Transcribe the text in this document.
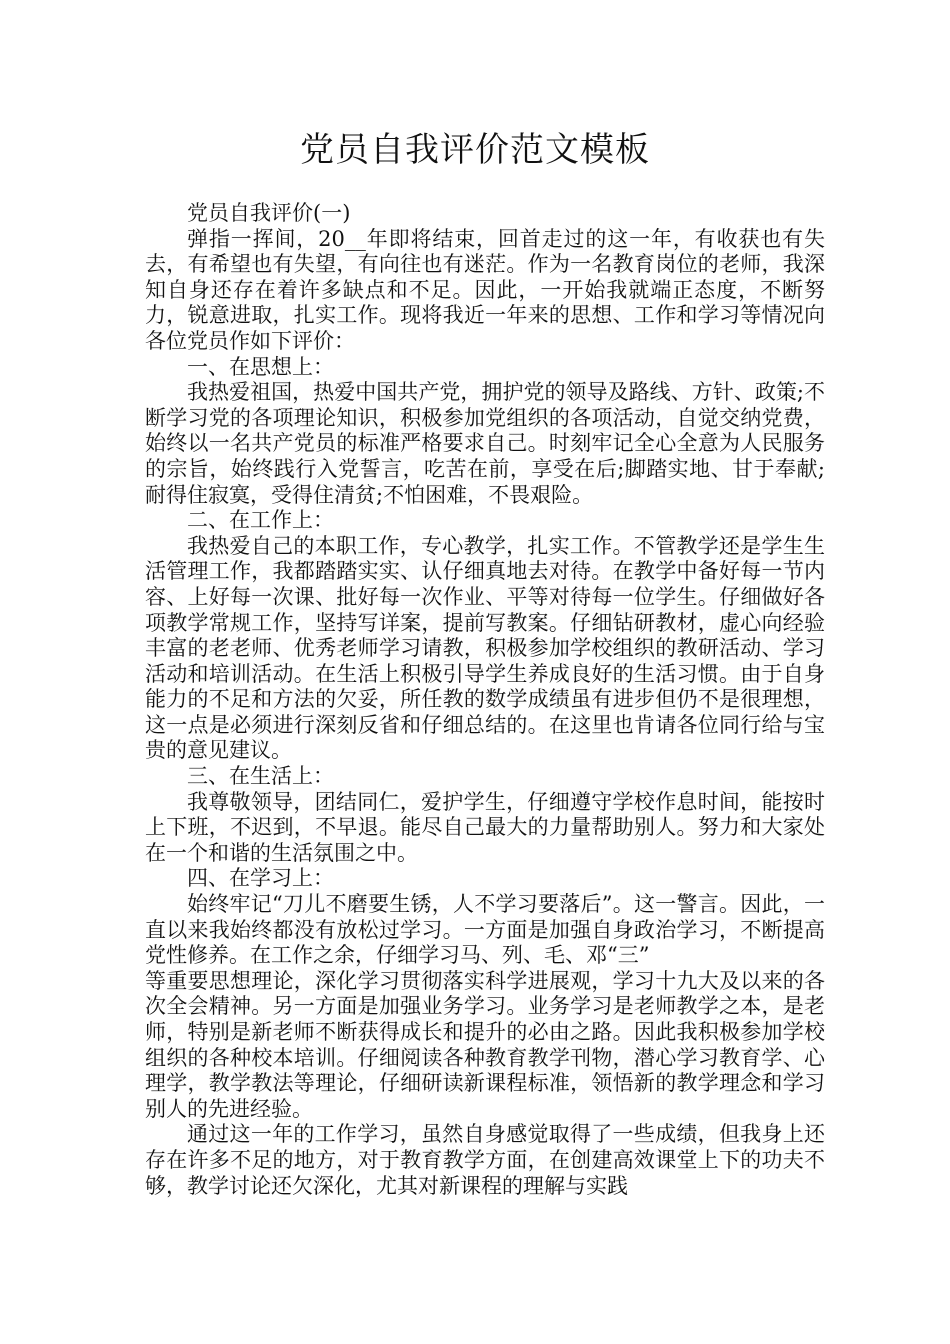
党员自我评价范文模板

党员自我评价(一)

弹指一挥间，20__年即将结束，回首走过的这一年，有收获也有失去，有希望也有失望，有向往也有迷茫。作为一名教育岗位的老师，我深知自身还存在着许多缺点和不足。因此，一开始我就端正态度，不断努力，锐意进取，扎实工作。现将我近一年来的思想、工作和学习等情况向各位党员作如下评价：

一、在思想上：

我热爱祖国，热爱中国共产党，拥护党的领导及路线、方针、政策;不断学习党的各项理论知识，积极参加党组织的各项活动，自觉交纳党费，始终以一名共产党员的标准严格要求自己。时刻牢记全心全意为人民服务的宗旨，始终践行入党誓言，吃苦在前，享受在后;脚踏实地、甘于奉献;耐得住寂寞，受得住清贫;不怕困难，不畏艰险。

二、在工作上：

我热爱自己的本职工作，专心教学，扎实工作。不管教学还是学生生活管理工作，我都踏踏实实、认仔细真地去对待。在教学中备好每一节内容、上好每一次课、批好每一次作业、平等对待每一位学生。仔细做好各项教学常规工作，坚持写详案，提前写教案。仔细钻研教材，虚心向经验丰富的老老师、优秀老师学习请教，积极参加学校组织的教研活动、学习活动和培训活动。在生活上积极引导学生养成良好的生活习惯。由于自身能力的不足和方法的欠妥，所任教的数学成绩虽有进步但仍不是很理想，这一点是必须进行深刻反省和仔细总结的。在这里也肯请各位同行给与宝贵的意见建议。

三、在生活上：

我尊敬领导，团结同仁，爱护学生，仔细遵守学校作息时间，能按时上下班，不迟到，不早退。能尽自己最大的力量帮助别人。努力和大家处在一个和谐的生活氛围之中。

四、在学习上：

始终牢记“刀儿不磨要生锈，人不学习要落后”。这一警言。因此，一直以来我始终都没有放松过学习。一方面是加强自身政治学习，不断提高党性修养。在工作之余，仔细学习马、列、毛、邓“三”

等重要思想理论，深化学习贯彻落实科学进展观，学习十九大及以来的各次全会精神。另一方面是加强业务学习。业务学习是老师教学之本，是老师，特别是新老师不断获得成长和提升的必由之路。因此我积极参加学校组织的各种校本培训。仔细阅读各种教育教学刊物，潜心学习教育学、心理学，教学教法等理论，仔细研读新课程标准，领悟新的教学理念和学习别人的先进经验。

通过这一年的工作学习，虽然自身感觉取得了一些成绩，但我身上还存在许多不足的地方，对于教育教学方面，在创建高效课堂上下的功夫不够，教学讨论还欠深化，尤其对新课程的理解与实践
